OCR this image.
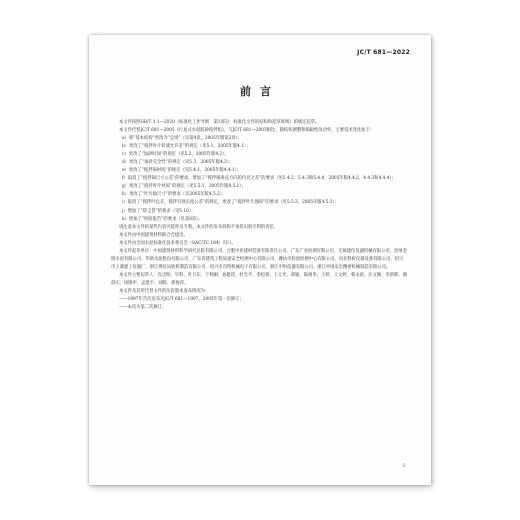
JC/T 681—2022
前言

本文件按照GB/T 1.1—2020《标准化工作导则　第1部分：标准化文件的结构和起草规则》的规定起草。

本文件代替JC/T 681—2005《行星式水泥胶砂搅拌机》，与JC/T 681—2005相比，除结构调整和编辑性改动外，主要技术变化如下：

a）将“基本结构”更改为“总则”（见第4章，2005年版第3章）；

b）更改了“搅拌叶片转速允许差”的规定（见5.1，2005年版4.1）；

c）更改了“加砂时间”的规定（见5.2，2005年版4.2）；

d）更改了“加砂完全性”的规定（见5.3，2005年版4.3）；

e）更改了“搅拌锅材质”的规定（见5.4.1，2005年版4.4.1）；

f）取消了“搅拌锅尺寸公差”的要求，增加了“搅拌锅垂直方向的内径之差”的要求（见5.4.2、5.4.3和5.4.4，2005年版4.4.2、4.4.3和4.4.4）；

g）更改了“搅拌叶片材质”的规定（见5.5.1，2005年版4.5.1）；

h）更改了“叶片轴尺寸”的要求（见2005年版4.5.2）；

i）取消了“搅拌叶总长、搅拌有效长度公差”的规定，更改了“搅拌叶片翅厚”的要求（见5.5.3，2005年版4.5.3）；

j）增加了“防尘袋”的要求（见5.10）；

k）增加了“检验报告”的要求（见第8章）。

请注意本文件的某些内容可能涉及专利。本文件的发布机构不承担识别专利的责任。

本文件由中国建筑材料联合会提出。

本文件由全国水泥标准化技术委员会（SAC/TC 184）归口。

本文件起草单位：中国建筑材料科学研究总院有限公司、合肥中亚建材装备有限责任公司、广东广业检测有限公司、无锡建仪仪器机械有限公司、贵州金圆水泥有限公司、华新水泥股份有限公司、广东省建筑工程质量安全检测中心有限公司、潍坊市检验检测中心有限公司、河北科析仪器设备有限公司、绍兴市上虞建工仪器厂、浙江博仪试验机制造有限公司、绍兴市肖特机械电子有限公司、浙江申科仪器有限公司、浙江中国安宏精密机械制造有限公司。

本文件主要起草人：肖忠明、毕科、叶卫东、于利刚、孙建琦、杜会平、余松柏、王元光、郑媛、陈俊华、王妍、王文婷、韩永甫、汪文刚、李新辉、谢晨庆、徐锦申、孟建宇、刘晖、郭俊萍。

本文件及其所代替文件的历次版本发布情况为：

——1997年首次发布为JC/T 681—1997，2005年第一次修订；

——本次为第二次修订。

I
